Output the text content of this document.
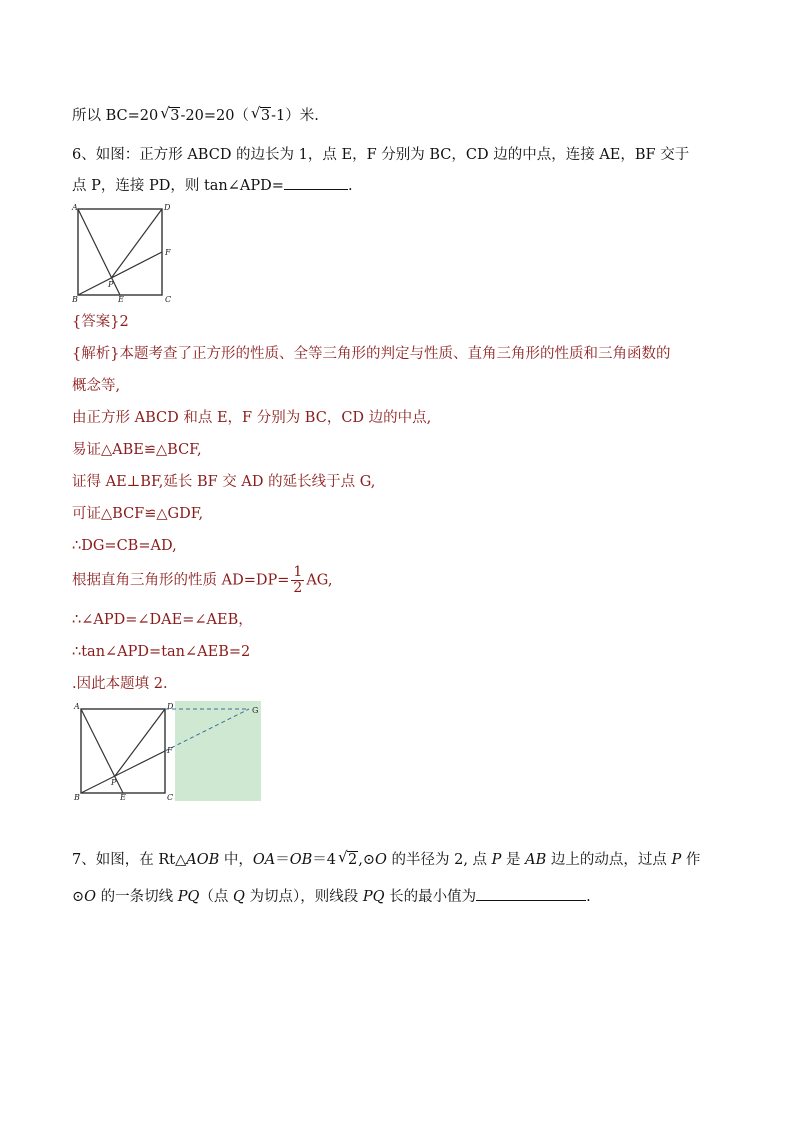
所以 BC=20 √ 3-20=20（ √ 3-1）米.
6、如图：正方形 ABCD 的边长为 1，点 E，F 分别为 BC，CD 边的中点，连接 AE，BF 交于
点 P，连接 PD，则 tan∠APD=	.
A	D
B	C
E
F
P
{答案}2
{解析}本题考查了正方形的性质、全等三角形的判定与性质、直角三角形的性质和三角函数的
概念等,
由正方形 ABCD 和点 E，F 分别为 BC，CD 边的中点,
易证△ABE≌△BCF,
证得 AE⊥BF,延长 BF 交 AD 的延长线于点 G,
可证△BCF≌△GDF,
∴DG=CB=AD,
根据直角三角形的性质 $AD=DP= \frac{1}{2}$ AG,
∴∠APD=∠DAE=∠AEB，
∴tan∠APD=tan∠AEB=2
.因此本题填 2.
A	D
B	C
E
F
P
G
7、如图，在 Rt△AOB 中，OA＝OB＝4 √ 2,⊙O 的半径为 2, 点 P 是 AB 边上的动点，过点 P 作
⊙O 的一条切线 PQ（点 Q 为切点），则线段 PQ 长的最小值为	.
